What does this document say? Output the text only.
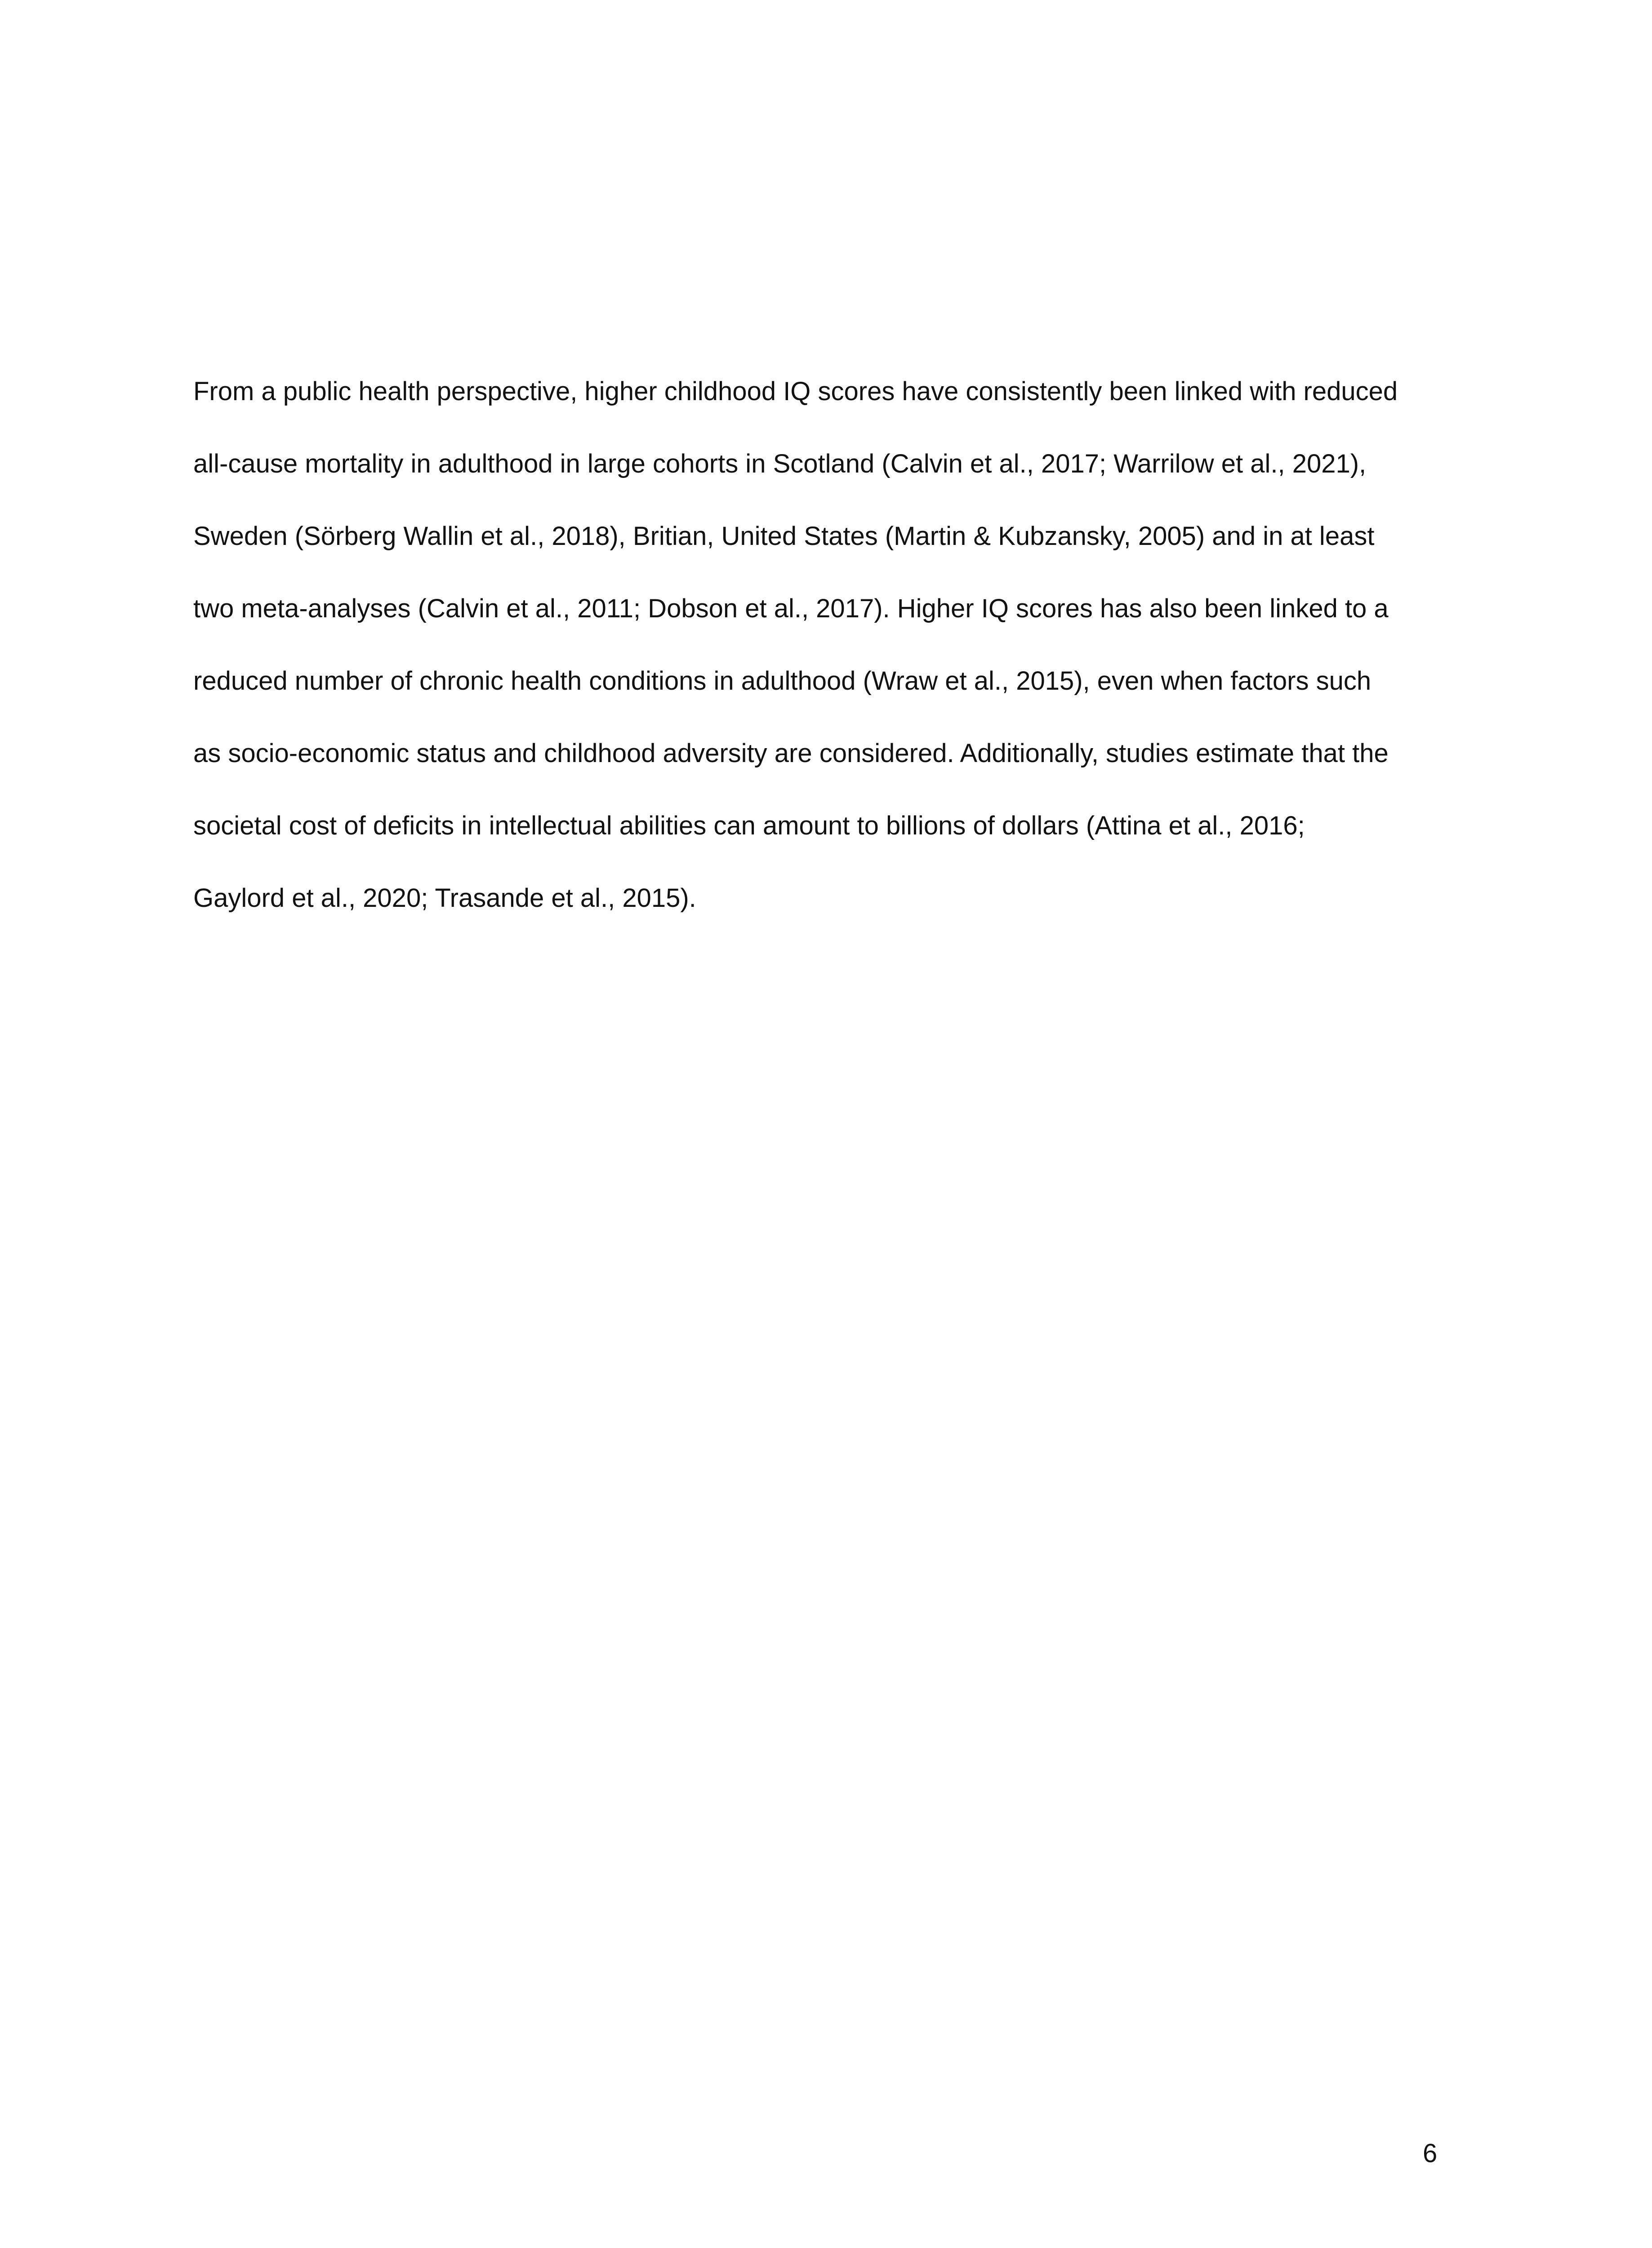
From a public health perspective, higher childhood IQ scores have consistently been linked with reduced
all-cause mortality in adulthood in large cohorts in Scotland (Calvin et al., 2017; Warrilow et al., 2021),
Sweden (Sörberg Wallin et al., 2018), Britian, United States (Martin & Kubzansky, 2005) and in at least
two meta-analyses (Calvin et al., 2011; Dobson et al., 2017). Higher IQ scores has also been linked to a
reduced number of chronic health conditions in adulthood (Wraw et al., 2015), even when factors such
as socio-economic status and childhood adversity are considered. Additionally, studies estimate that the
societal cost of deficits in intellectual abilities can amount to billions of dollars (Attina et al., 2016;
Gaylord et al., 2020; Trasande et al., 2015).
6
